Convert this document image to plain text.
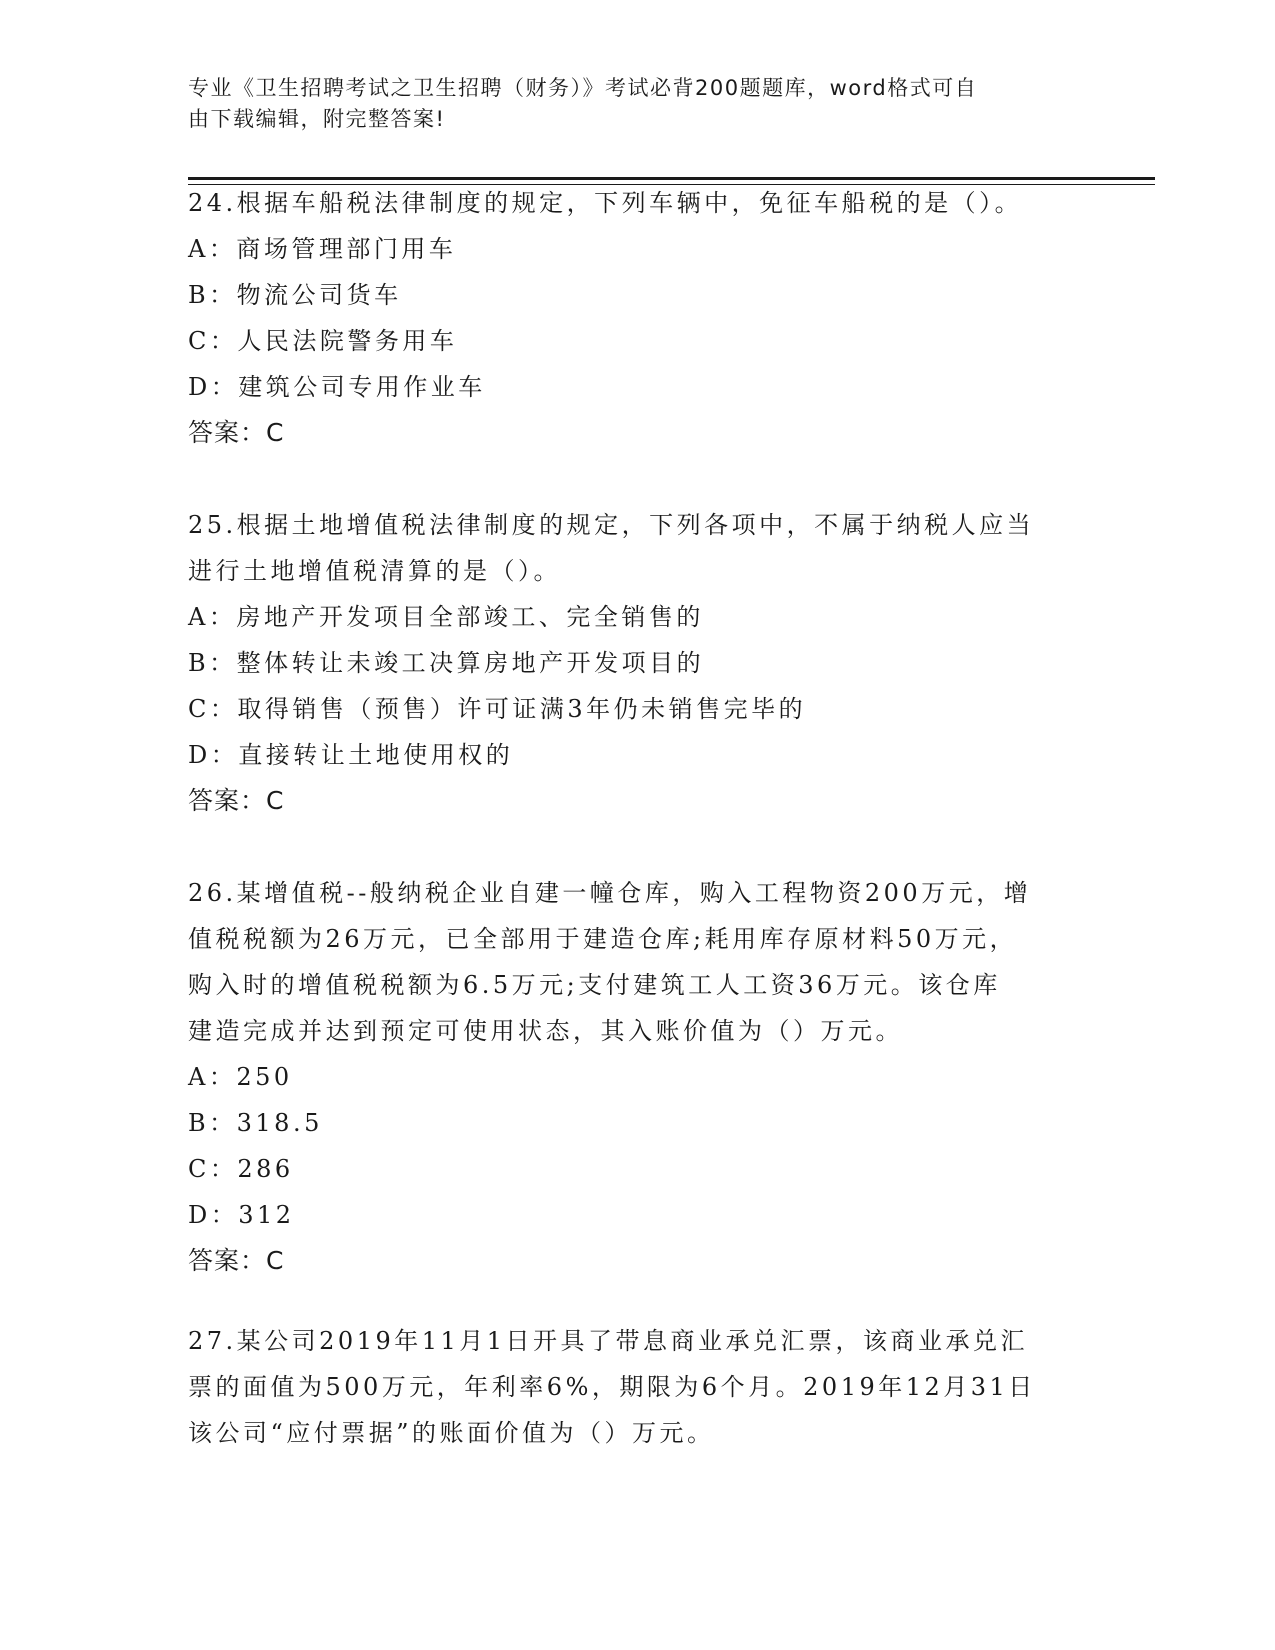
专业《卫生招聘考试之卫生招聘（财务）》考试必背200题题库，word格式可自
由下载编辑，附完整答案!

24.根据车船税法律制度的规定，下列车辆中，免征车船税的是（）。

A：商场管理部门用车

B：物流公司货车

C：人民法院警务用车

D：建筑公司专用作业车

答案：C

25.根据土地增值税法律制度的规定，下列各项中，不属于纳税人应当
进行土地增值税清算的是（）。

A：房地产开发项目全部竣工、完全销售的

B：整体转让未竣工决算房地产开发项目的

C：取得销售（预售）许可证满3年仍未销售完毕的

D：直接转让土地使用权的

答案：C

26.某增值税--般纳税企业自建一幢仓库，购入工程物资200万元，增
值税税额为26万元，已全部用于建造仓库;耗用库存原材料50万元，
购入时的增值税税额为6.5万元;支付建筑工人工资36万元。该仓库
建造完成并达到预定可使用状态，其入账价值为（）万元。

A：250

B：318.5

C：286

D：312

答案：C

27.某公司2019年11月1日开具了带息商业承兑汇票，该商业承兑汇
票的面值为500万元，年利率6%，期限为6个月。2019年12月31日
该公司“应付票据”的账面价值为（）万元。
